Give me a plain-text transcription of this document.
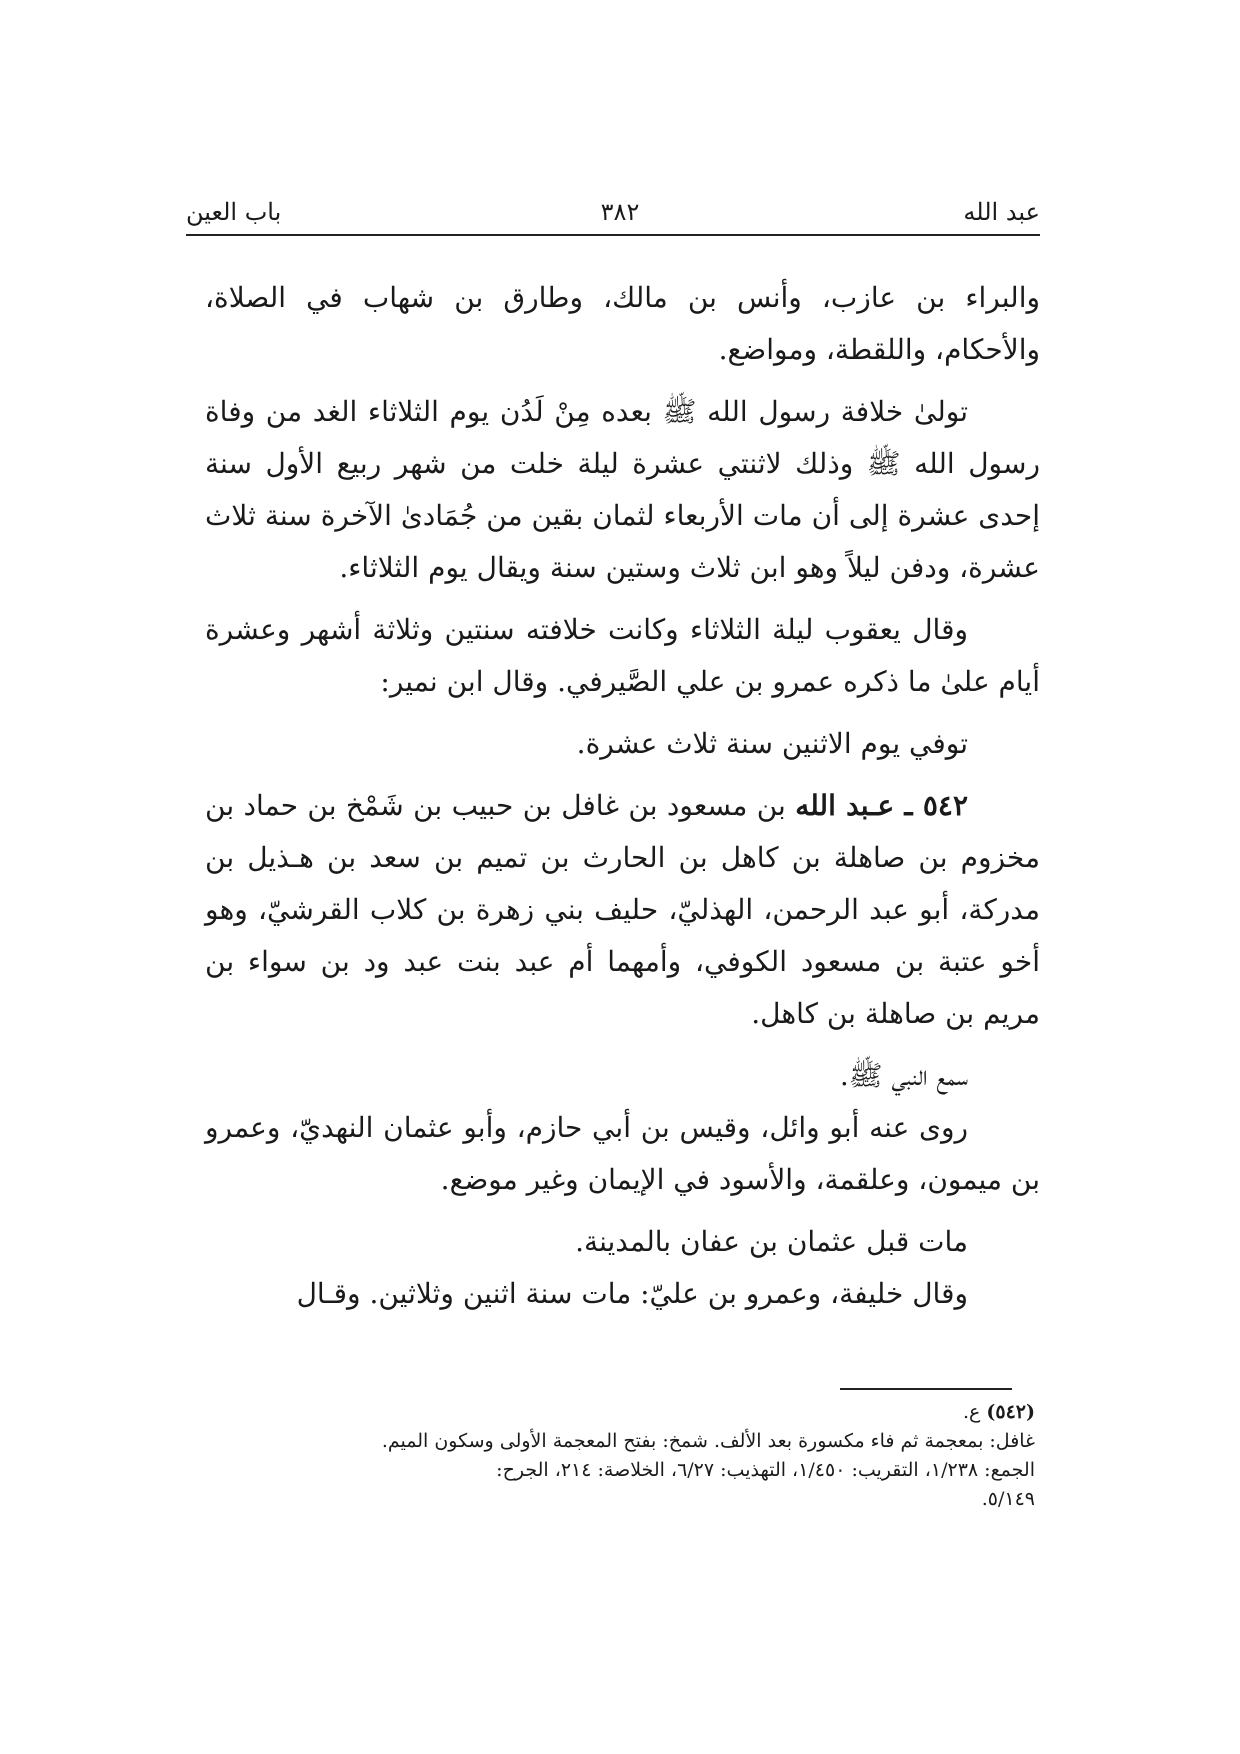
عبد الله
٣٨٢
باب العين

والبراء بن عازب، وأنس بن مالك، وطارق بن شهاب في الصلاة، والأحكام، واللقطة، ومواضع.

تولىٰ خلافة رسول الله ﷺ بعده مِنْ لَدُن يوم الثلاثاء الغد من وفاة رسول الله ﷺ وذلك لاثنتي عشرة ليلة خلت من شهر ربيع الأول سنة إحدى عشرة إلى أن مات الأربعاء لثمان بقين من جُمَادىٰ الآخرة سنة ثلاث عشرة، ودفن ليلاً وهو ابن ثلاث وستين سنة ويقال يوم الثلاثاء.

وقال يعقوب ليلة الثلاثاء وكانت خلافته سنتين وثلاثة أشهر وعشرة أيام علىٰ ما ذكره عمرو بن علي الصَّيرفي. وقال ابن نمير:

توفي يوم الاثنين سنة ثلاث عشرة.

٥٤٢ ـ عـبد الله بن مسعود بن غافل بن حبيب بن شَمْخ بن حماد بن مخزوم بن صاهلة بن كاهل بن الحارث بن تميم بن سعد بن هـذيل بن مدركة، أبو عبد الرحمن، الهذليّ، حليف بني زهرة بن كلاب القرشيّ، وهو أخو عتبة بن مسعود الكوفي، وأمهما أم عبد بنت عبد ود بن سواء بن مريم بن صاهلة بن كاهل.

سمع النبي ﷺ.

روى عنه أبو وائل، وقيس بن أبي حازم، وأبو عثمان النهديّ، وعمرو بن ميمون، وعلقمة، والأسود في الإيمان وغير موضع.

مات قبل عثمان بن عفان بالمدينة.

وقال خليفة، وعمرو بن عليّ: مات سنة اثنين وثلاثين. وقـال

(٥٤٢) ع.

غافل: بمعجمة ثم فاء مكسورة بعد الألف. شمخ: بفتح المعجمة الأولى وسكون الميم.

الجمع: ١/٢٣٨، التقريب: ١/٤٥٠، التهذيب: ٦/٢٧، الخلاصة: ٢١٤، الجرح:

٥/١٤٩.
